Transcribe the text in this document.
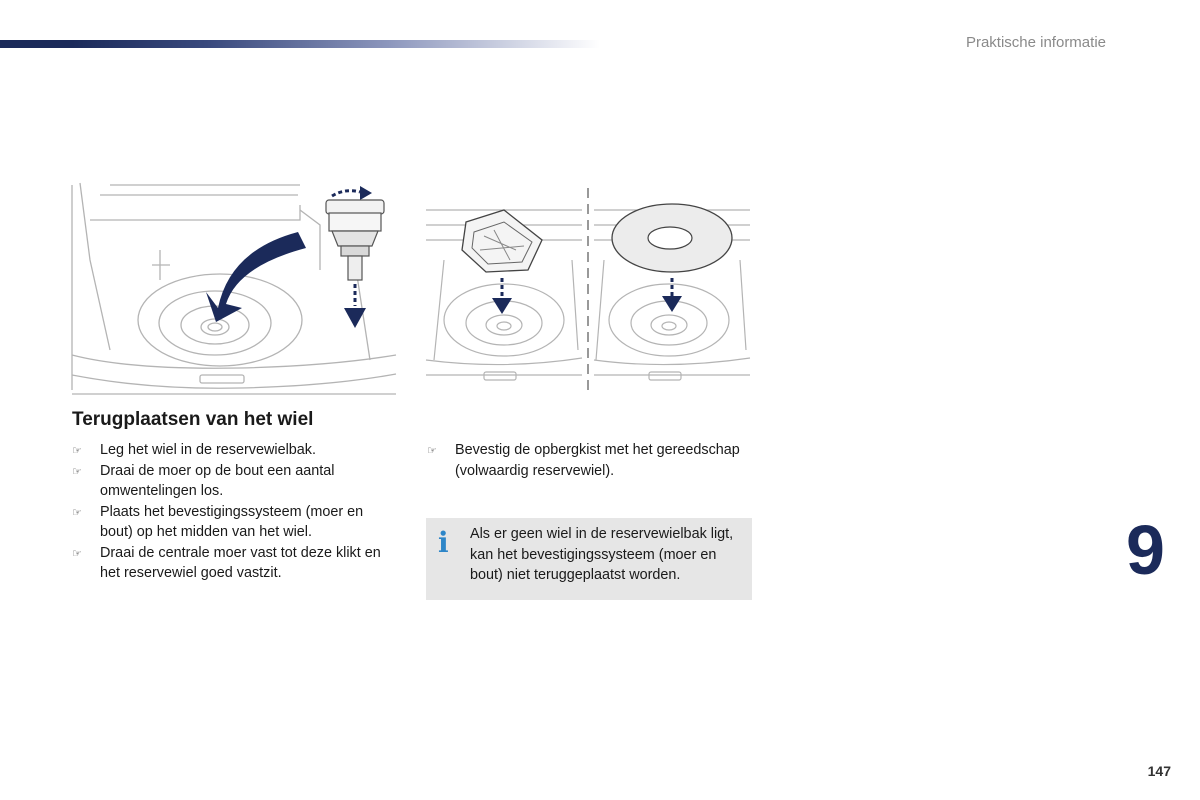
Praktische informatie
Terugplaatsen van het wiel
☞ Leg het wiel in de reservewielbak.
☞ Draai de moer op de bout een aantal omwentelingen los.
☞ Plaats het bevestigingssysteem (moer en bout) op het midden van het wiel.
☞ Draai de centrale moer vast tot deze klikt en het reservewiel goed vastzit.
☞ Bevestig de opbergkist met het gereedschap (volwaardig reservewiel).
i Als er geen wiel in de reservewielbak ligt, kan het bevestigingssysteem (moer en bout) niet teruggeplaatst worden.	9
147
